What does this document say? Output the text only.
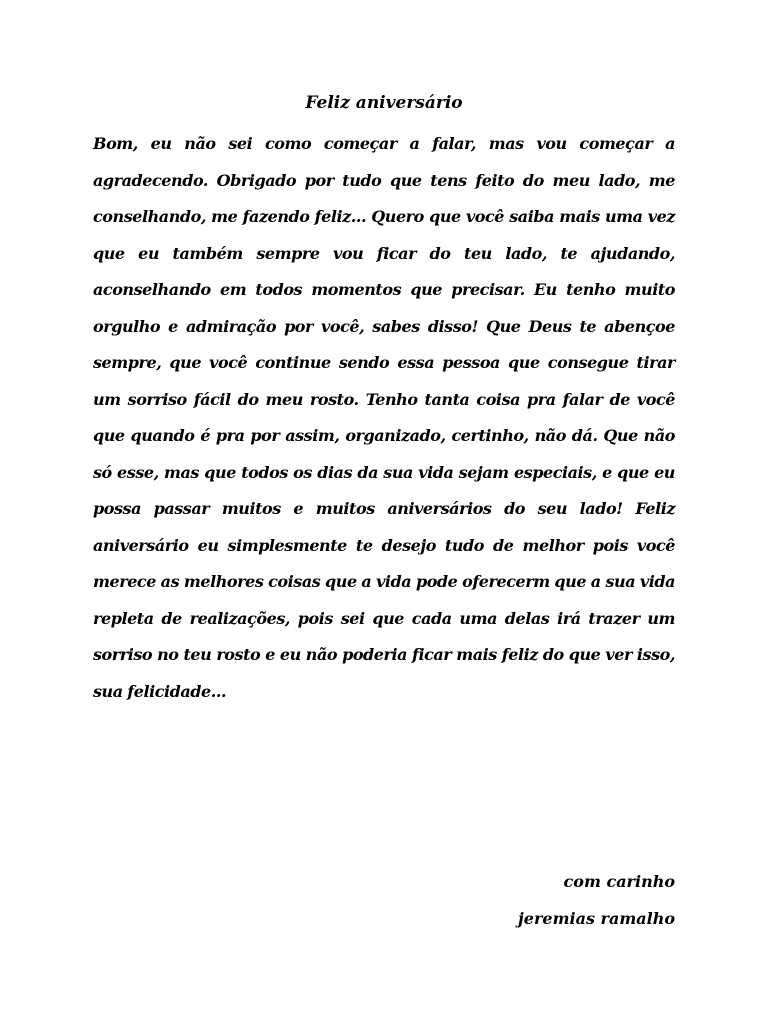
Feliz aniversário

Bom, eu não sei como começar a falar, mas vou começar a agradecendo. Obrigado por tudo que tens feito do meu lado, me conselhando, me fazendo feliz... Quero que você saiba mais uma vez que eu também sempre vou ficar do teu lado, te ajudando, aconselhando em todos momentos que precisar. Eu tenho muito orgulho e admiração por você, sabes disso! Que Deus te abençoe sempre, que você continue sendo essa pessoa que consegue tirar um sorriso fácil do meu rosto. Tenho tanta coisa pra falar de você que quando é pra por assim, organizado, certinho, não dá. Que não só esse, mas que todos os dias da sua vida sejam especiais, e que eu possa passar muitos e muitos aniversários do seu lado! Feliz aniversário eu simplesmente te desejo tudo de melhor pois você merece as melhores coisas que a vida pode oferecerm que a sua vida repleta de realizações, pois sei que cada uma delas irá trazer um sorriso no teu rosto e eu não poderia ficar mais feliz do que ver isso, sua felicidade...

com carinho
jeremias ramalho
